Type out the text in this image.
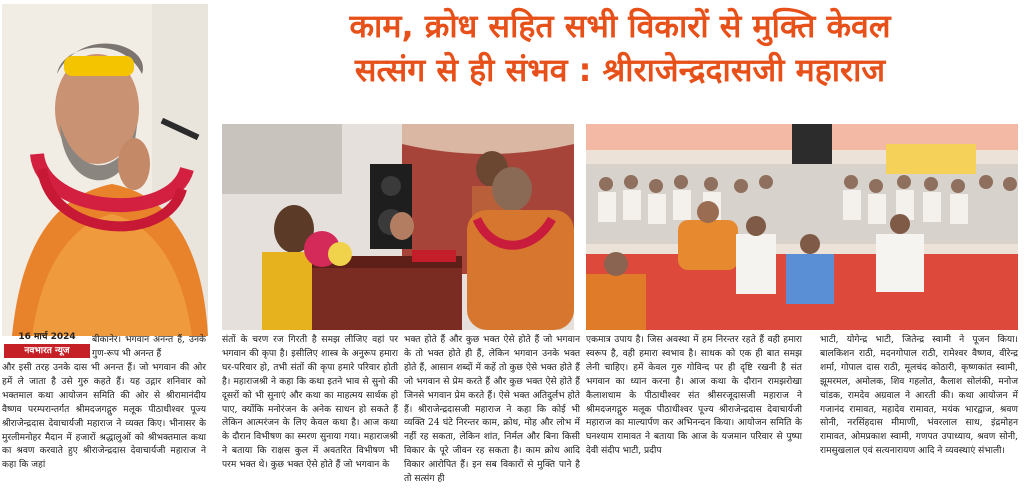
काम, क्रोध सहित सभी विकारों से मुक्ति केवल
सत्संग से ही संभव : श्रीराजेन्द्रदासजी महाराज
16 मार्च 2024
नवभारत न्यूज
बीकानेर। भगवान अनन्त हैं, उनके गुण-रूप भी अनन्त हैं
और इसी तरह उनके दास भी अनन्त हैं। जो भगवान की ओर हमें ले जाता है उसे गुरु कहते हैं। यह उद्गार शनिवार को भक्तमाल कथा आयोजन समिति की ओर से श्रीरामानंदीय वैष्णव परम्परान्तर्गत श्रीमदजगद्गुरु मलूक पीठाधीश्वर पूज्य श्रीराजेन्द्रदास देवाचार्यजी महाराज ने व्यक्त किए। भीनासर के मुरलीमनोहर मैदान में हजारों श्रद्धालुओं को श्रीभक्तमाल कथा का श्रवण करवाते हुए श्रीराजेन्द्रदास देवाचार्यजी महाराज ने कहा कि जहां
संतों के चरण रज गिरती है समझ लीजिए वहां पर भगवान की कृपा है। इसीलिए शास्त्र के अनुरूप हमारा घर-परिवार हो, तभी संतों की कृपा हमारे परिवार होती है। महाराजश्री ने कहा कि कथा इतने भाव से सुनो की दूसरों को भी सुनाएं और कथा का माहत्मय सार्थक हो पाए, क्योंकि मनोरंजन के अनेक साधन हो सकते हैं लेकिन आत्मरंजन के लिए केवल कथा है। आज कथा के दौरान विभीषण का स्मरण सुनाया गया। महाराजश्री ने बताया कि राक्षस कुल में अवतरित विभीषण भी परम भक्त थे। कुछ भक्त ऐसे होते हैं जो भगवान के
भक्त होते हैं और कुछ भक्त ऐसे होते हैं जो भगवान के तो भक्त होते ही हैं, लेकिन भगवान उनके भक्त होते हैं, आसान शब्दों में कहें तो कुछ ऐसे भक्त होते हैं जो भगवान से प्रेम करते हैं और कुछ भक्त ऐसे होते हैं जिनसे भगवान प्रेम करते हैं। ऐसे भक्त अतिदुर्लभ होते हैं। श्रीराजेन्द्रदासजी महाराज ने कहा कि कोई भी व्यक्ति 24 घंटे निरन्तर काम, क्रोध, मोह और लोभ में नहीं रह सकता, लेकिन शांत, निर्मल और बिना किसी विकार के पूरे जीवन रह सकता है। काम क्रोध आदि विकार आरोपित हैं। इन सब विकारों से मुक्ति पाने है तो सत्संग ही
एकमात्र उपाय है। जिस अवस्था में हम निरन्तर रहते हैं वही हमारा स्वरूप है, वही हमारा स्वभाव है। साधक को एक ही बात समझ लेनी चाहिए। हमें केवल गुरु गोविन्द पर ही दृष्टि रखनी है संत भगवान का ध्यान करना है। आज कथा के दौरान रामझरोखा कैलाशधाम के पीठाधीश्वर संत श्रीसरजूदासजी महाराज ने श्रीमदजगद्गुरु मलूक पीठाधीश्वर पूज्य श्रीराजेन्द्रदास देवाचार्यजी महाराज का माल्यार्पण कर अभिनन्दन किया। आयोजन समिति के घनश्याम रामावत ने बताया कि आज के यजमान परिवार से पुष्पा देवी संदीप भाटी, प्रदीप
भाटी, योगेन्द्र भाटी, जितेन्द्र स्वामी ने पूजन किया। बालकिशन राठी, मदनगोपाल राठी, रामेश्वर वैष्णव, वीरेन्द्र शर्मा, गोपाल दास राठी, मूलचंद कोठारी, कृष्णकांत स्वामी, झूमरमल, अमोलक, शिव गहलोत, कैलाश सोलंकी, मनोज चांडक, रामदेव अग्रवाल ने आरती की। कथा आयोजन में गजानंद रामावत, महादेव रामावत, मयंक भारद्वाज, श्रवण सोनी, नरसिंहदास मीमाणी, भंवरलाल साध, इंद्रमोहन रामावत, ओमप्रकाश स्वामी, गणपत उपाध्याय, श्रवण सोनी, रामसुखलाल एवं सत्यनारायण आदि ने व्यवस्थाएं संभाली।
